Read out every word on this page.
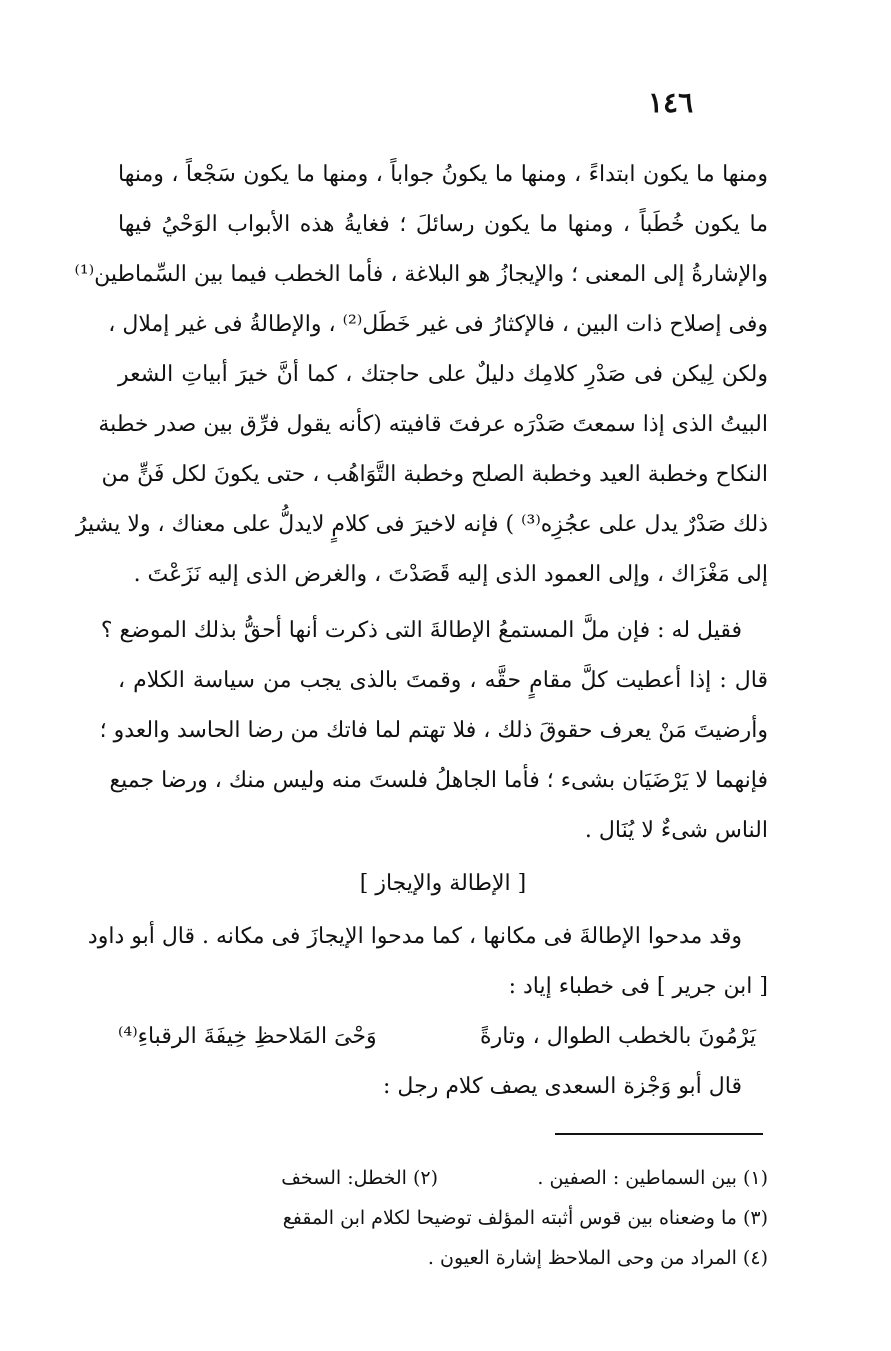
١٤٦
ومنها ما يكون ابتداءً ، ومنها ما يكونُ جواباً ، ومنها ما يكون سَجْعاً ، ومنها
ما يكون خُطَباً ، ومنها ما يكون رسائلَ ؛ فغايةُ هذه الأبواب الوَحْيُ فيها
والإشارةُ إلى المعنى ؛ والإيجازُ هو البلاغة ، فأما الخطب فيما بين السِّماطين⁽¹⁾
وفى إصلاح ذات البين ، فالإكثارُ فى غير خَطَل⁽²⁾ ، والإطالةُ فى غير إملال ،
ولكن لِيكن فى صَدْرِ كلامِك دليلٌ على حاجتك ، كما أنَّ خيرَ أبياتِ الشعر
البيتُ الذى إذا سمعتَ صَدْرَه عرفتَ قافيته (كأنه يقول فرِّق بين صدر خطبة
النكاح وخطبة العيد وخطبة الصلح وخطبة التَّوَاهُب ، حتى يكونَ لكل فَنٍّ من
ذلك صَدْرٌ يدل على عجُزِه⁽³⁾ ) فإنه لاخيرَ فى كلامٍ لايدلُّ على معناك ، ولا يشيرُ
إلى مَغْزَاك ، وإلى العمود الذى إليه قَصَدْتَ ، والغرض الذى إليه نَزَعْتَ .
فقيل له : فإن ملَّ المستمعُ الإطالةَ التى ذكرت أنها أحقُّ بذلك الموضع ؟
قال : إذا أعطيت كلَّ مقامٍ حقَّه ، وقمتَ بالذى يجب من سياسة الكلام ،
وأرضيتَ مَنْ يعرف حقوقَ ذلك ، فلا تهتم لما فاتك من رضا الحاسد والعدو ؛
فإنهما لا يَرْضَيَان بشىء ؛ فأما الجاهلُ فلستَ منه وليس منك ، ورضا جميع
الناس شىءٌ لا يُنَال .
[ الإطالة والإيجاز ]
وقد مدحوا الإطالةَ فى مكانها ، كما مدحوا الإيجازَ فى مكانه . قال أبو داود
[ ابن جرير ] فى خطباء إياد :
يَرْمُونَ بالخطب الطوال ، وتارةً
وَحْىَ المَلاحظِ خِيفَةَ الرقباءِ⁽⁴⁾
قال أبو وَجْزة السعدى يصف كلام رجل :
(١) بين السماطين : الصفين .
(٢) الخطل: السخف
(٣) ما وضعناه بين قوس أثبته المؤلف توضيحا لكلام ابن المقفع
(٤) المراد من وحى الملاحظ إشارة العيون .
